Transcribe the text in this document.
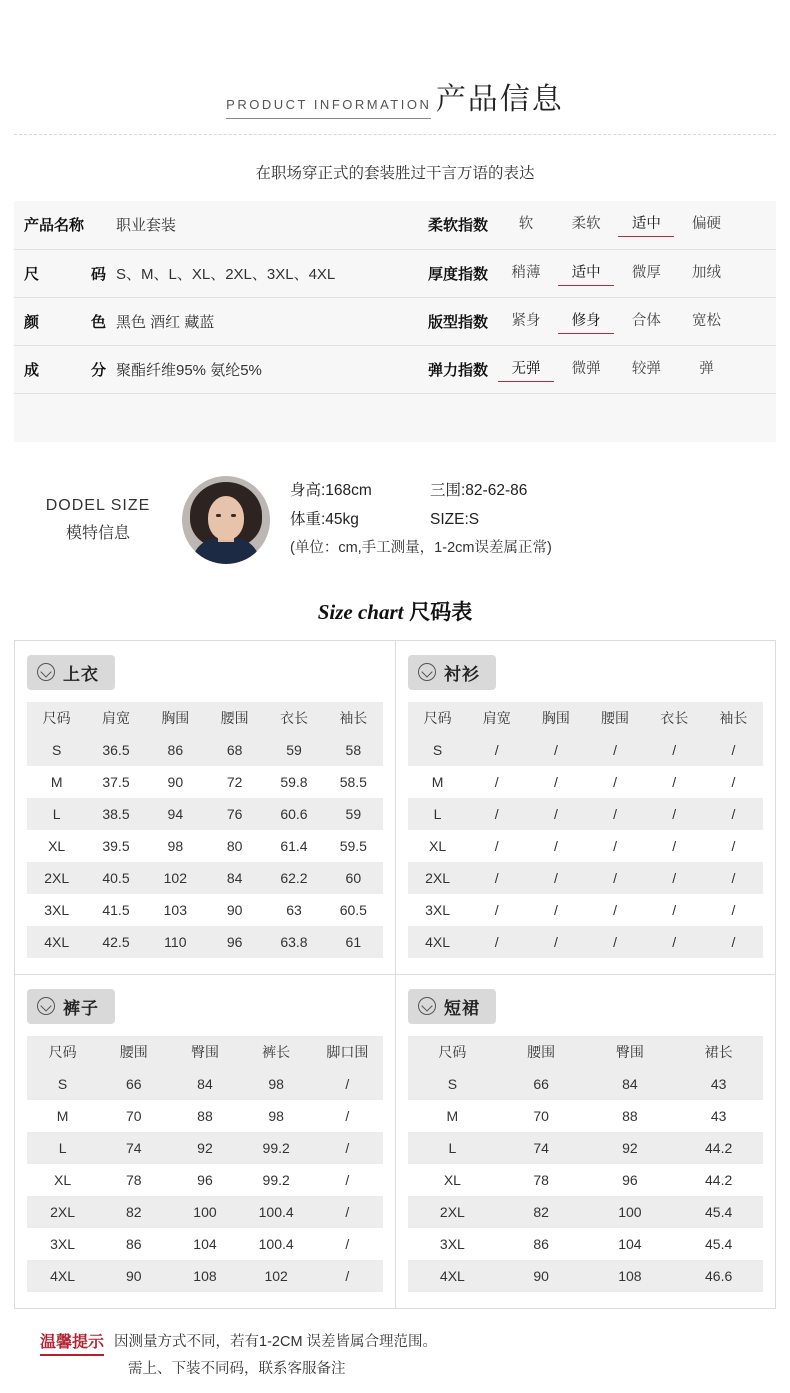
PRODUCT INFORMATION 产品信息
在职场穿正式的套装胜过干言万语的表达
产品名称	职业套装	柔软指数	软 柔软 适中 偏硬

尺 码	S、M、L、XL、2XL、3XL、4XL	厚度指数	稍薄 适中 微厚 加绒

颜 色	黑色 酒红 藏蓝	版型指数	紧身 修身 合体 宽松

成 分	聚酯纤维95% 氨纶5%	弹力指数	无弹 微弹 较弹 弹
DODEL SIZE
模特信息
身高:168cm	三围:82-62-86
体重:45kg	SIZE:S
(单位：cm,手工测量，1-2cm误差属正常)
Size chart 尺码表
上衣
尺码	肩宽	胸围	腰围	衣长	袖长
S	36.5	86	68	59	58
M	37.5	90	72	59.8	58.5
L	38.5	94	76	60.6	59
XL	39.5	98	80	61.4	59.5
2XL	40.5	102	84	62.2	60
3XL	41.5	103	90	63	60.5
4XL	42.5	110	96	63.8	61
衬衫
尺码	肩宽	胸围	腰围	衣长	袖长
S	/	/	/	/	/
M	/	/	/	/	/
L	/	/	/	/	/
XL	/	/	/	/	/
2XL	/	/	/	/	/
3XL	/	/	/	/	/
4XL	/	/	/	/	/
裤子
尺码	腰围	臀围	裤长	脚口围
S	66	84	98	/
M	70	88	98	/
L	74	92	99.2	/
XL	78	96	99.2	/
2XL	82	100	100.4	/
3XL	86	104	100.4	/
4XL	90	108	102	/
短裙
尺码	腰围	臀围	裙长
S	66	84	43
M	70	88	43
L	74	92	44.2
XL	78	96	44.2
2XL	82	100	45.4
3XL	86	104	45.4
4XL	90	108	46.6
温馨提示 因测量方式不同，若有1-2CM 误差皆属合理范围。
需上、下装不同码，联系客服备注
